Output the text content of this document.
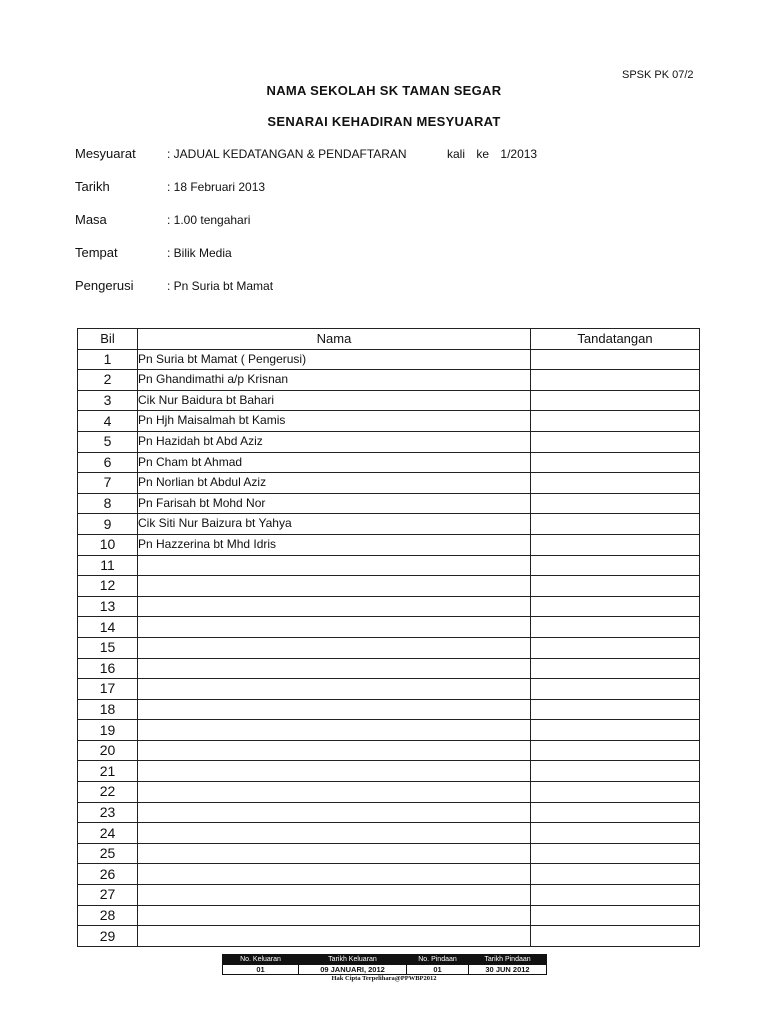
SPSK PK 07/2
NAMA SEKOLAH SK TAMAN SEGAR
SENARAI KEHADIRAN MESYUARAT
Mesyuarat	: JADUAL KEDATANGAN & PENDAFTARAN	kali ke 1/2013
Tarikh	: 18 Februari 2013
Masa	: 1.00 tengahari
Tempat	: Bilik Media
Pengerusi	: Pn Suria bt Mamat
Bil	Nama	Tandatangan
1	Pn Suria bt Mamat ( Pengerusi)	
2	Pn Ghandimathi a/p Krisnan	
3	Cik Nur Baidura bt Bahari	
4	Pn Hjh Maisalmah bt Kamis	
5	Pn Hazidah bt Abd Aziz	
6	Pn Cham bt Ahmad	
7	Pn Norlian bt Abdul Aziz	
8	Pn Farisah bt Mohd Nor	
9	Cik Siti Nur Baizura bt Yahya	
10	Pn Hazzerina bt Mhd Idris	
11		
12		
13		
14		
15		
16		
17		
18		
19		
20		
21		
22		
23		
24		
25		
26		
27		
28		
29		
No. Keluaran	Tarikh Keluaran	No. Pindaan	Tarikh Pindaan
01	09 JANUARI, 2012	01	30 JUN 2012
Hak Cipta Terpelihara@PPWBP2012
